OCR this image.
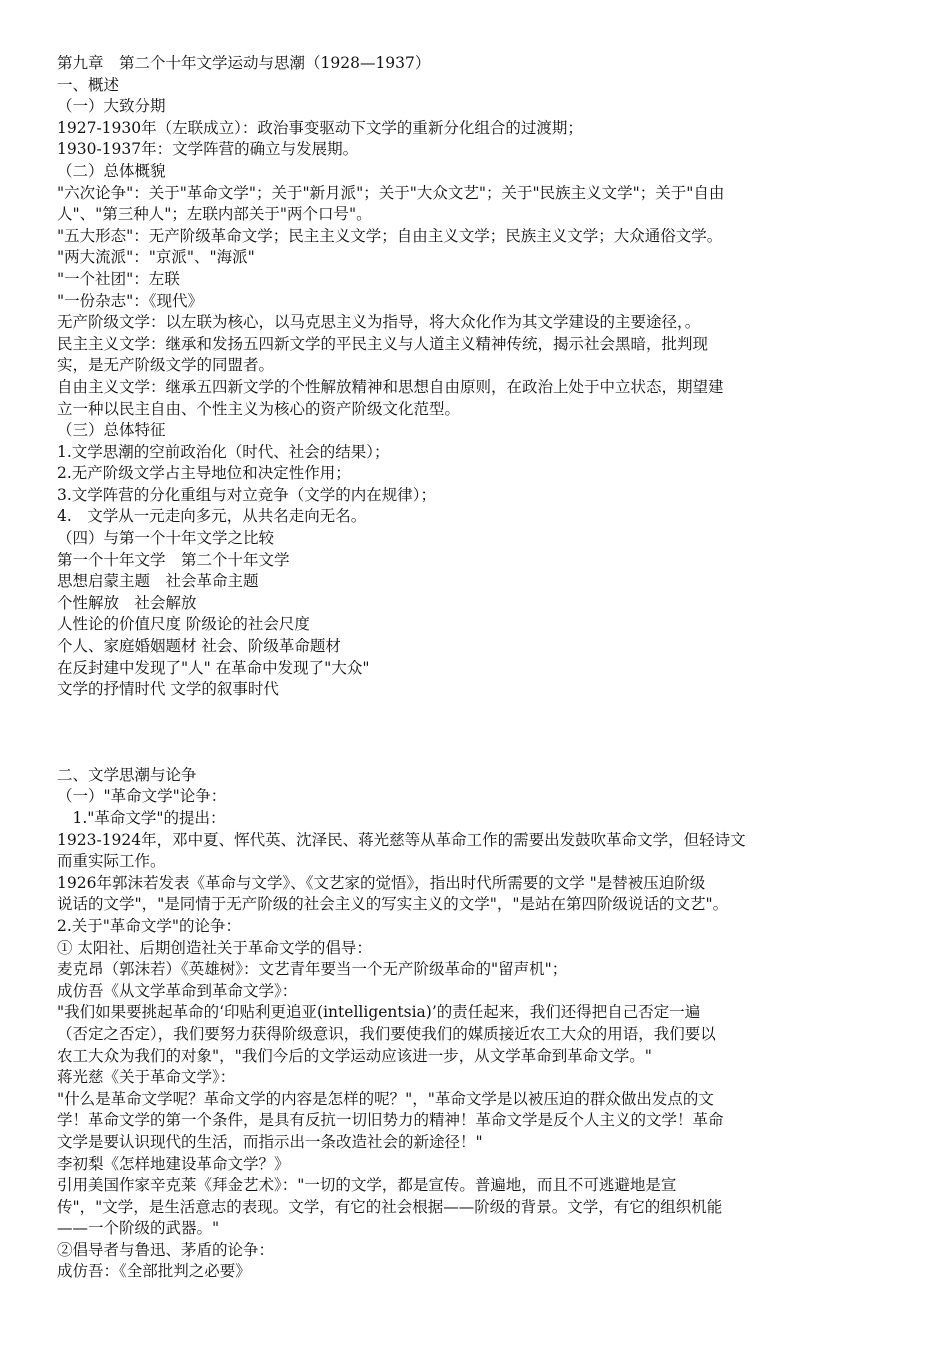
第九章　第二个十年文学运动与思潮（1928—1937）

一、概述

（一）大致分期

1927-1930年（左联成立）：政治事变驱动下文学的重新分化组合的过渡期；

1930-1937年：文学阵营的确立与发展期。

（二）总体概貌

"六次论争"：关于"革命文学"；关于"新月派"；关于"大众文艺"；关于"民族主义文学"；关于"自由

人"、"第三种人"；左联内部关于"两个口号"。

"五大形态"：无产阶级革命文学；民主主义文学；自由主义文学；民族主义文学；大众通俗文学。

"两大流派"："京派"、"海派"

"一个社团"：左联

"一份杂志"：《现代》

无产阶级文学：以左联为核心，以马克思主义为指导，将大众化作为其文学建设的主要途径，。

民主主义文学：继承和发扬五四新文学的平民主义与人道主义精神传统，揭示社会黑暗，批判现

实，是无产阶级文学的同盟者。

自由主义文学：继承五四新文学的个性解放精神和思想自由原则，在政治上处于中立状态，期望建

立一种以民主自由、个性主义为核心的资产阶级文化范型。

（三）总体特征

1.文学思潮的空前政治化（时代、社会的结果）；

2.无产阶级文学占主导地位和决定性作用；

3.文学阵营的分化重组与对立竞争（文学的内在规律）；

4.　文学从一元走向多元，从共名走向无名。

（四）与第一个十年文学之比较

第一个十年文学　第二个十年文学

思想启蒙主题　社会革命主题

个性解放　社会解放

人性论的价值尺度 阶级论的社会尺度

个人、家庭婚姻题材 社会、阶级革命题材

在反封建中发现了"人" 在革命中发现了"大众"

文学的抒情时代 文学的叙事时代

二、文学思潮与论争

（一）"革命文学"论争：

　1."革命文学"的提出：

1923-1924年，邓中夏、恽代英、沈泽民、蒋光慈等从革命工作的需要出发鼓吹革命文学，但轻诗文

而重实际工作。

1926年郭沫若发表《革命与文学》、《文艺家的觉悟》，指出时代所需要的文学 "是替被压迫阶级

说话的文学"，"是同情于无产阶级的社会主义的写实主义的文学"，"是站在第四阶级说话的文艺"。

2.关于"革命文学"的论争：

① 太阳社、后期创造社关于革命文学的倡导：

麦克昂（郭沫若）《英雄树》：文艺青年要当一个无产阶级革命的"留声机"；

成仿吾《从文学革命到革命文学》：

"我们如果要挑起革命的‘印贴利更追亚(intelligentsia)’的责任起来，我们还得把自己否定一遍

（否定之否定），我们要努力获得阶级意识，我们要使我们的媒质接近农工大众的用语，我们要以

农工大众为我们的对象"，"我们今后的文学运动应该进一步，从文学革命到革命文学。"

蒋光慈《关于革命文学》：

"什么是革命文学呢？革命文学的内容是怎样的呢？"，"革命文学是以被压迫的群众做出发点的文

学！革命文学的第一个条件，是具有反抗一切旧势力的精神！革命文学是反个人主义的文学！革命

文学是要认识现代的生活，而指示出一条改造社会的新途径！"

李初梨《怎样地建设革命文学？》

引用美国作家辛克莱《拜金艺术》："一切的文学，都是宣传。普遍地，而且不可逃避地是宣

传"，"文学，是生活意志的表现。文学，有它的社会根据——阶级的背景。文学，有它的组织机能

——一个阶级的武器。"

②倡导者与鲁迅、茅盾的论争：

成仿吾：《全部批判之必要》
